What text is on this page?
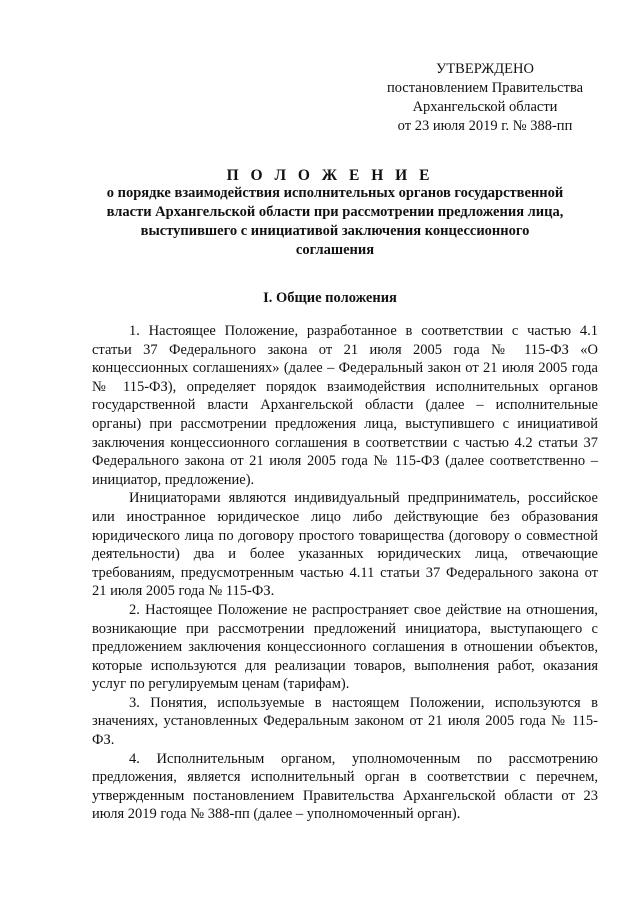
УТВЕРЖДЕНО
постановлением Правительства
Архангельской области
от 23 июля 2019 г. № 388-пп
П О Л О Ж Е Н И Е
о порядке взаимодействия исполнительных органов государственной власти Архангельской области при рассмотрении предложения лица, выступившего с инициативой заключения концессионного соглашения
I. Общие положения

1. Настоящее Положение, разработанное в соответствии с частью 4.1 статьи 37 Федерального закона от 21 июля 2005 года № 115-ФЗ «О концессионных соглашениях» (далее – Федеральный закон от 21 июля 2005 года № 115-ФЗ), определяет порядок взаимодействия исполнительных органов государственной власти Архангельской области (далее – исполнительные органы) при рассмотрении предложения лица, выступившего с инициативой заключения концессионного соглашения в соответствии с частью 4.2 статьи 37 Федерального закона от 21 июля 2005 года № 115-ФЗ (далее соответственно – инициатор, предложение).

Инициаторами являются индивидуальный предприниматель, российское или иностранное юридическое лицо либо действующие без образования юридического лица по договору простого товарищества (договору о совместной деятельности) два и более указанных юридических лица, отвечающие требованиям, предусмотренным частью 4.11 статьи 37 Федерального закона от 21 июля 2005 года № 115-ФЗ.

2. Настоящее Положение не распространяет свое действие на отношения, возникающие при рассмотрении предложений инициатора, выступающего с предложением заключения концессионного соглашения в отношении объектов, которые используются для реализации товаров, выполнения работ, оказания услуг по регулируемым ценам (тарифам).

3. Понятия, используемые в настоящем Положении, используются в значениях, установленных Федеральным законом от 21 июля 2005 года № 115-ФЗ.

4. Исполнительным органом, уполномоченным по рассмотрению предложения, является исполнительный орган в соответствии с перечнем, утвержденным постановлением Правительства Архангельской области от 23 июля 2019 года № 388-пп (далее – уполномоченный орган).
